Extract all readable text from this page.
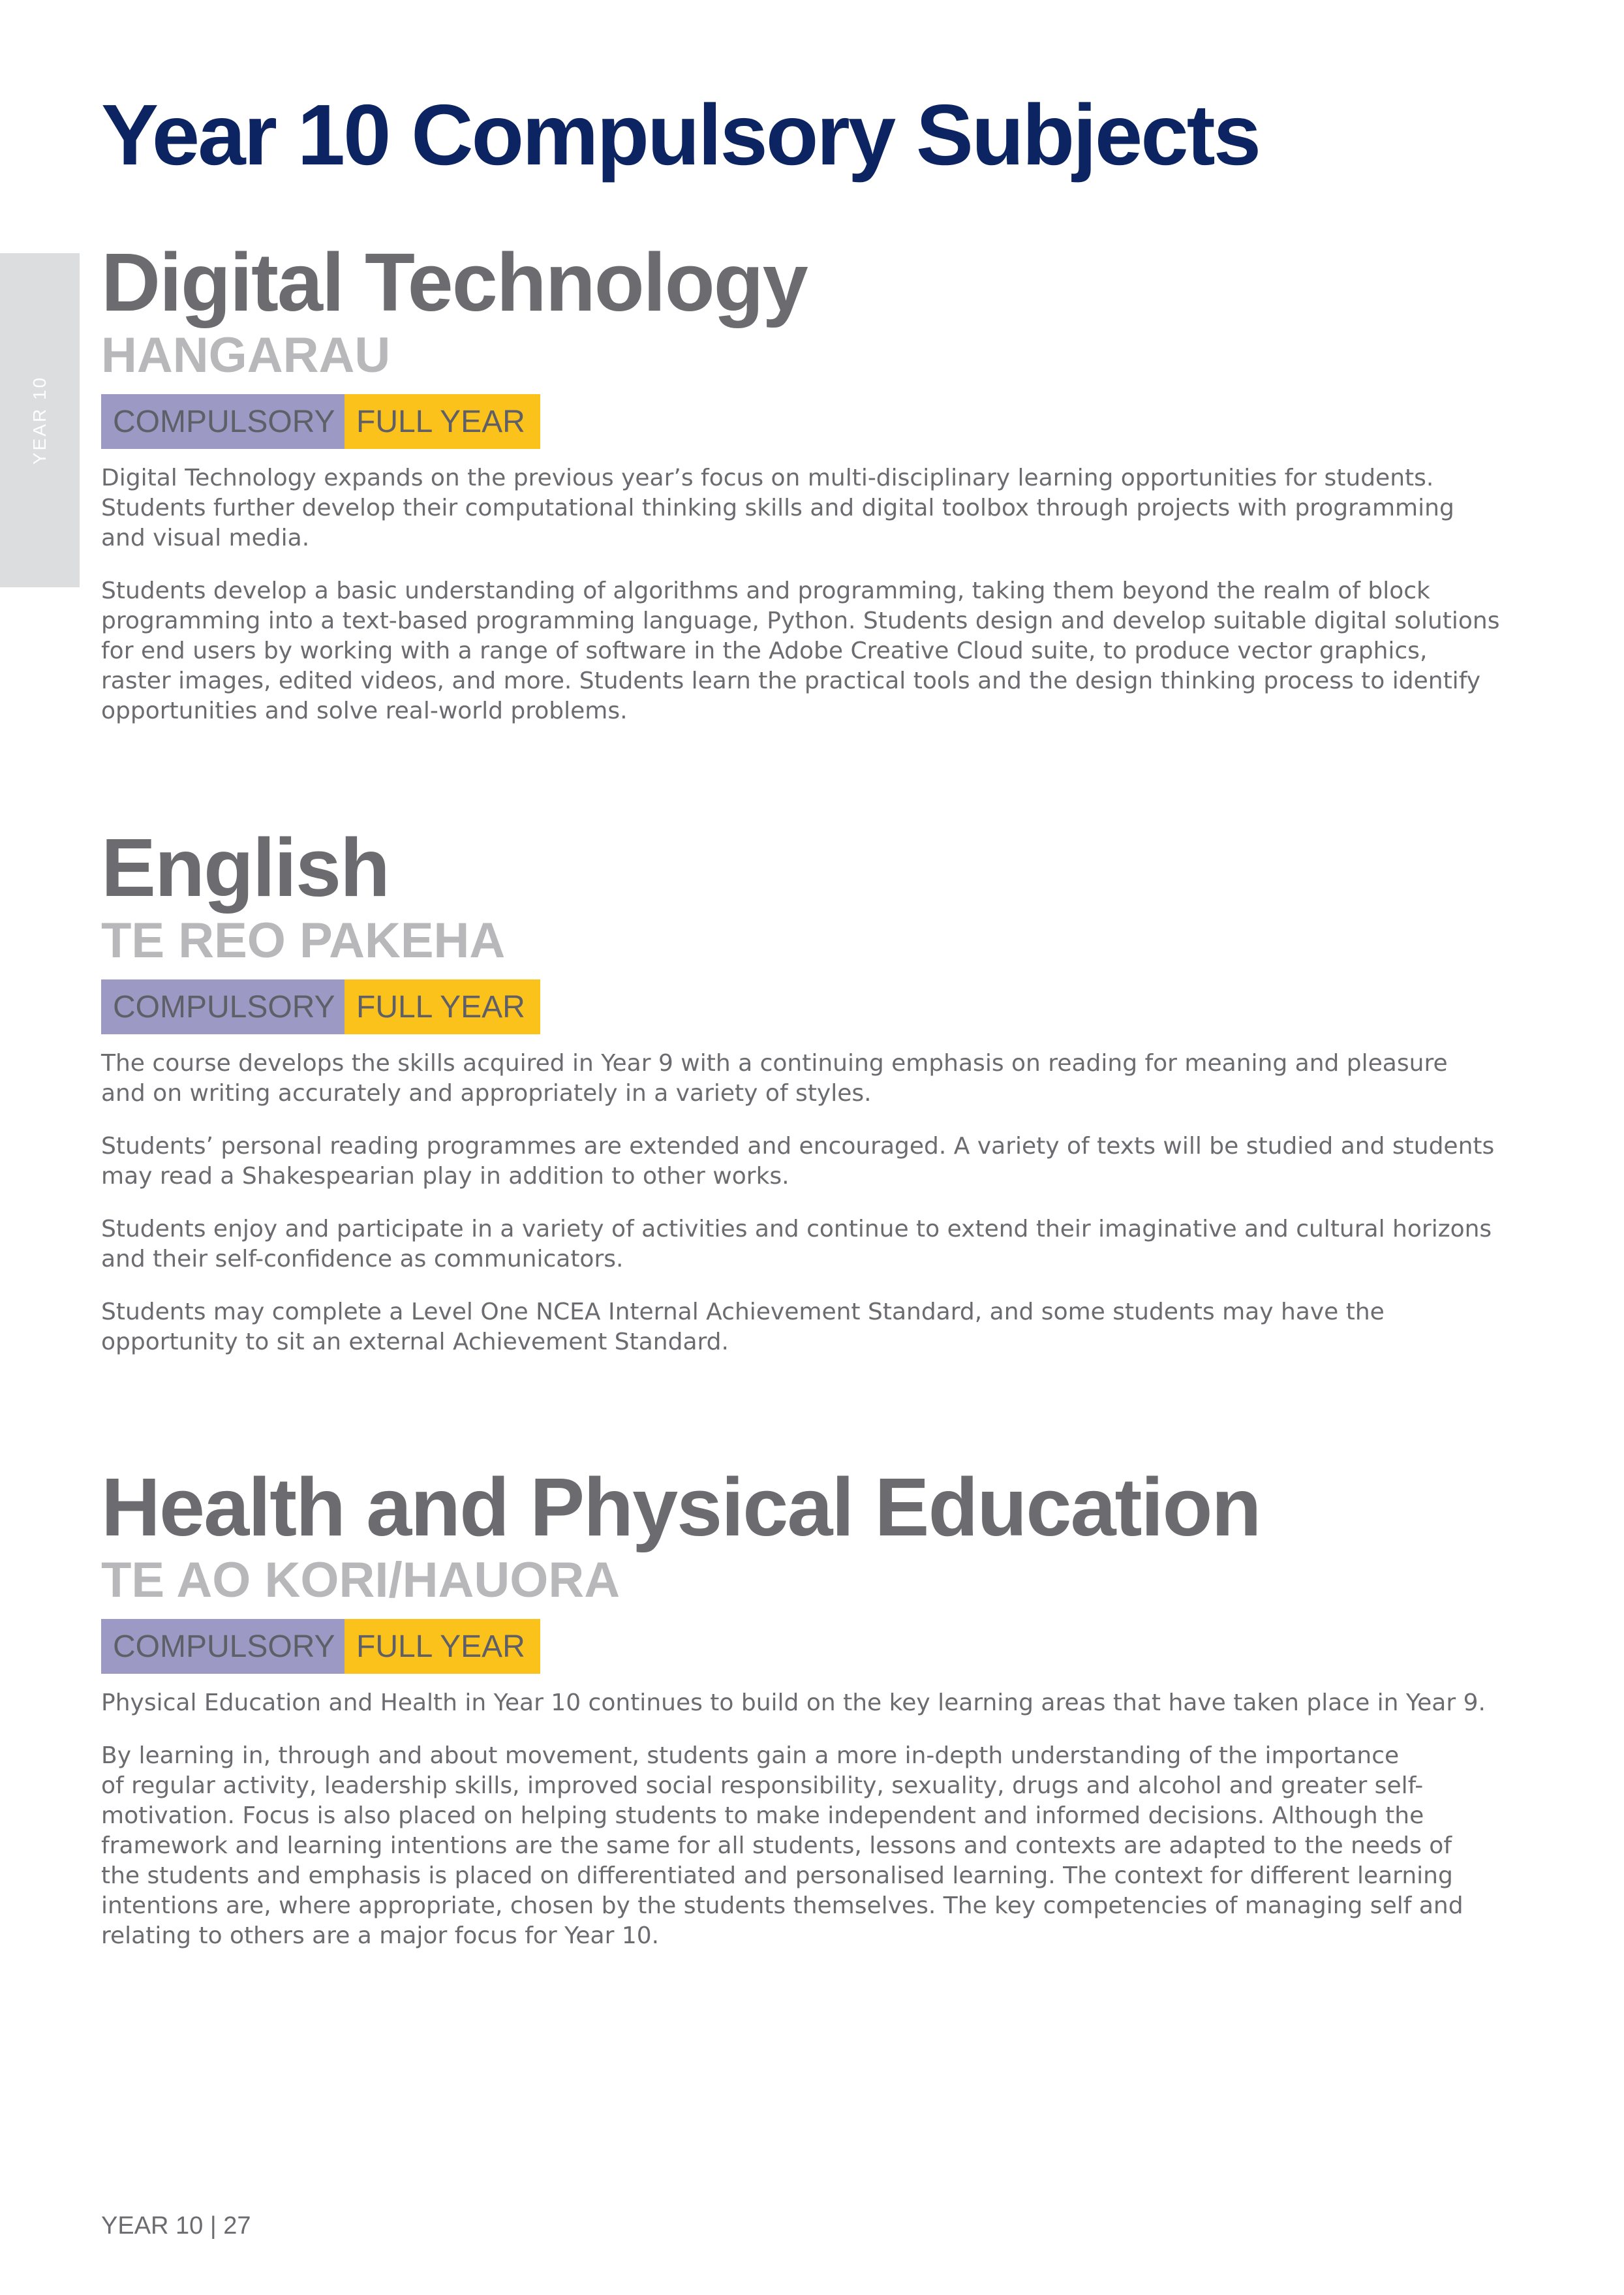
YEAR 10
Year 10 Compulsory Subjects
Digital Technology
HANGARAU
COMPULSORY FULL YEAR

Digital Technology expands on the previous year’s focus on multi-disciplinary learning opportunities for students.
Students further develop their computational thinking skills and digital toolbox through projects with programming
and visual media.

Students develop a basic understanding of algorithms and programming, taking them beyond the realm of block
programming into a text-based programming language, Python. Students design and develop suitable digital solutions
for end users by working with a range of software in the Adobe Creative Cloud suite, to produce vector graphics,
raster images, edited videos, and more. Students learn the practical tools and the design thinking process to identify
opportunities and solve real-world problems.

English
TE REO PAKEHA
COMPULSORY FULL YEAR

The course develops the skills acquired in Year 9 with a continuing emphasis on reading for meaning and pleasure
and on writing accurately and appropriately in a variety of styles.

Students’ personal reading programmes are extended and encouraged. A variety of texts will be studied and students
may read a Shakespearian play in addition to other works.

Students enjoy and participate in a variety of activities and continue to extend their imaginative and cultural horizons
and their self-confidence as communicators.

Students may complete a Level One NCEA Internal Achievement Standard, and some students may have the
opportunity to sit an external Achievement Standard.

Health and Physical Education
TE AO KORI/HAUORA
COMPULSORY FULL YEAR

Physical Education and Health in Year 10 continues to build on the key learning areas that have taken place in Year 9.

By learning in, through and about movement, students gain a more in-depth understanding of the importance
of regular activity, leadership skills, improved social responsibility, sexuality, drugs and alcohol and greater self-
motivation. Focus is also placed on helping students to make independent and informed decisions. Although the
framework and learning intentions are the same for all students, lessons and contexts are adapted to the needs of
the students and emphasis is placed on differentiated and personalised learning. The context for different learning
intentions are, where appropriate, chosen by the students themselves. The key competencies of managing self and
relating to others are a major focus for Year 10.

YEAR 10 | 27
